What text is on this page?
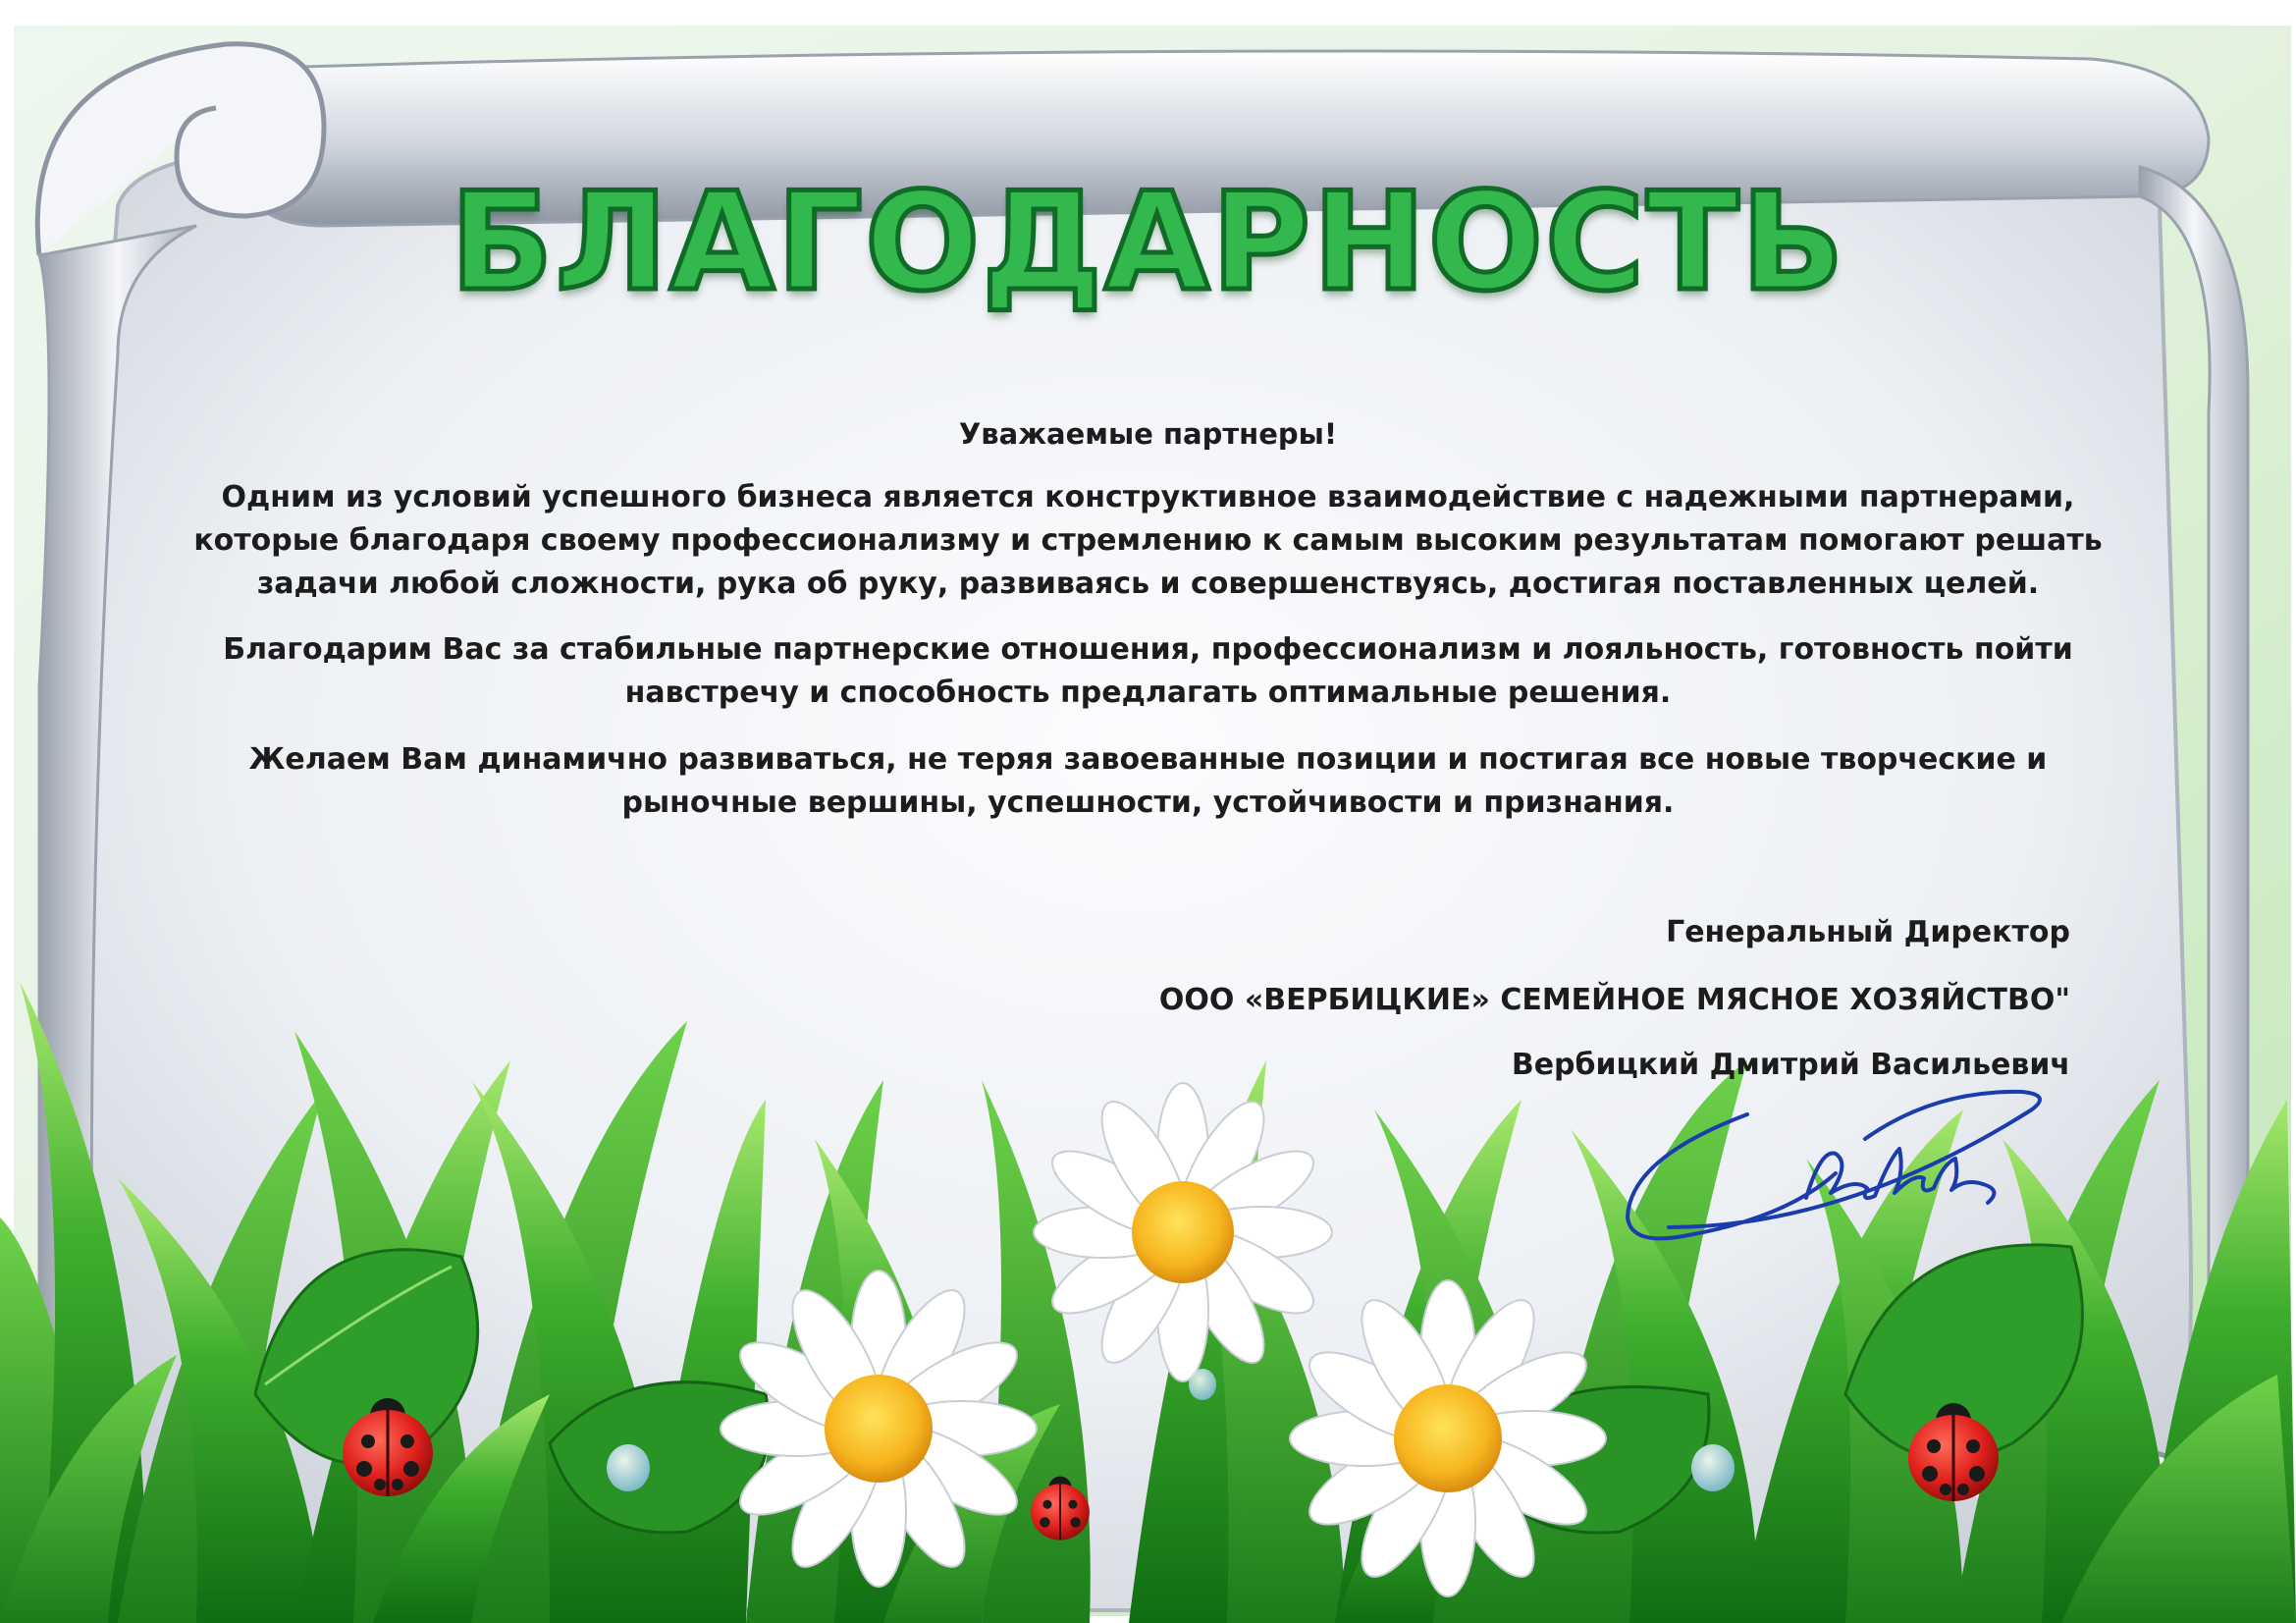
БЛАГОДАРНОСТЬ
Уважаемые партнеры!
Одним из условий успешного бизнеса является конструктивное взаимодействие с надежными партнерами,
которые благодаря своему профессионализму и стремлению к самым высоким результатам помогают решать
задачи любой сложности, рука об руку, развиваясь и совершенствуясь, достигая поставленных целей.
Благодарим Вас за стабильные партнерские отношения, профессионализм и лояльность, готовность пойти
навстречу и способность предлагать оптимальные решения.
Желаем Вам динамично развиваться, не теряя завоеванные позиции и постигая все новые творческие и
рыночные вершины, успешности, устойчивости и признания.
Генеральный Директор
ООО «ВЕРБИЦКИЕ» СЕМЕЙНОЕ МЯСНОЕ ХОЗЯЙСТВО"
Вербицкий Дмитрий Васильевич
